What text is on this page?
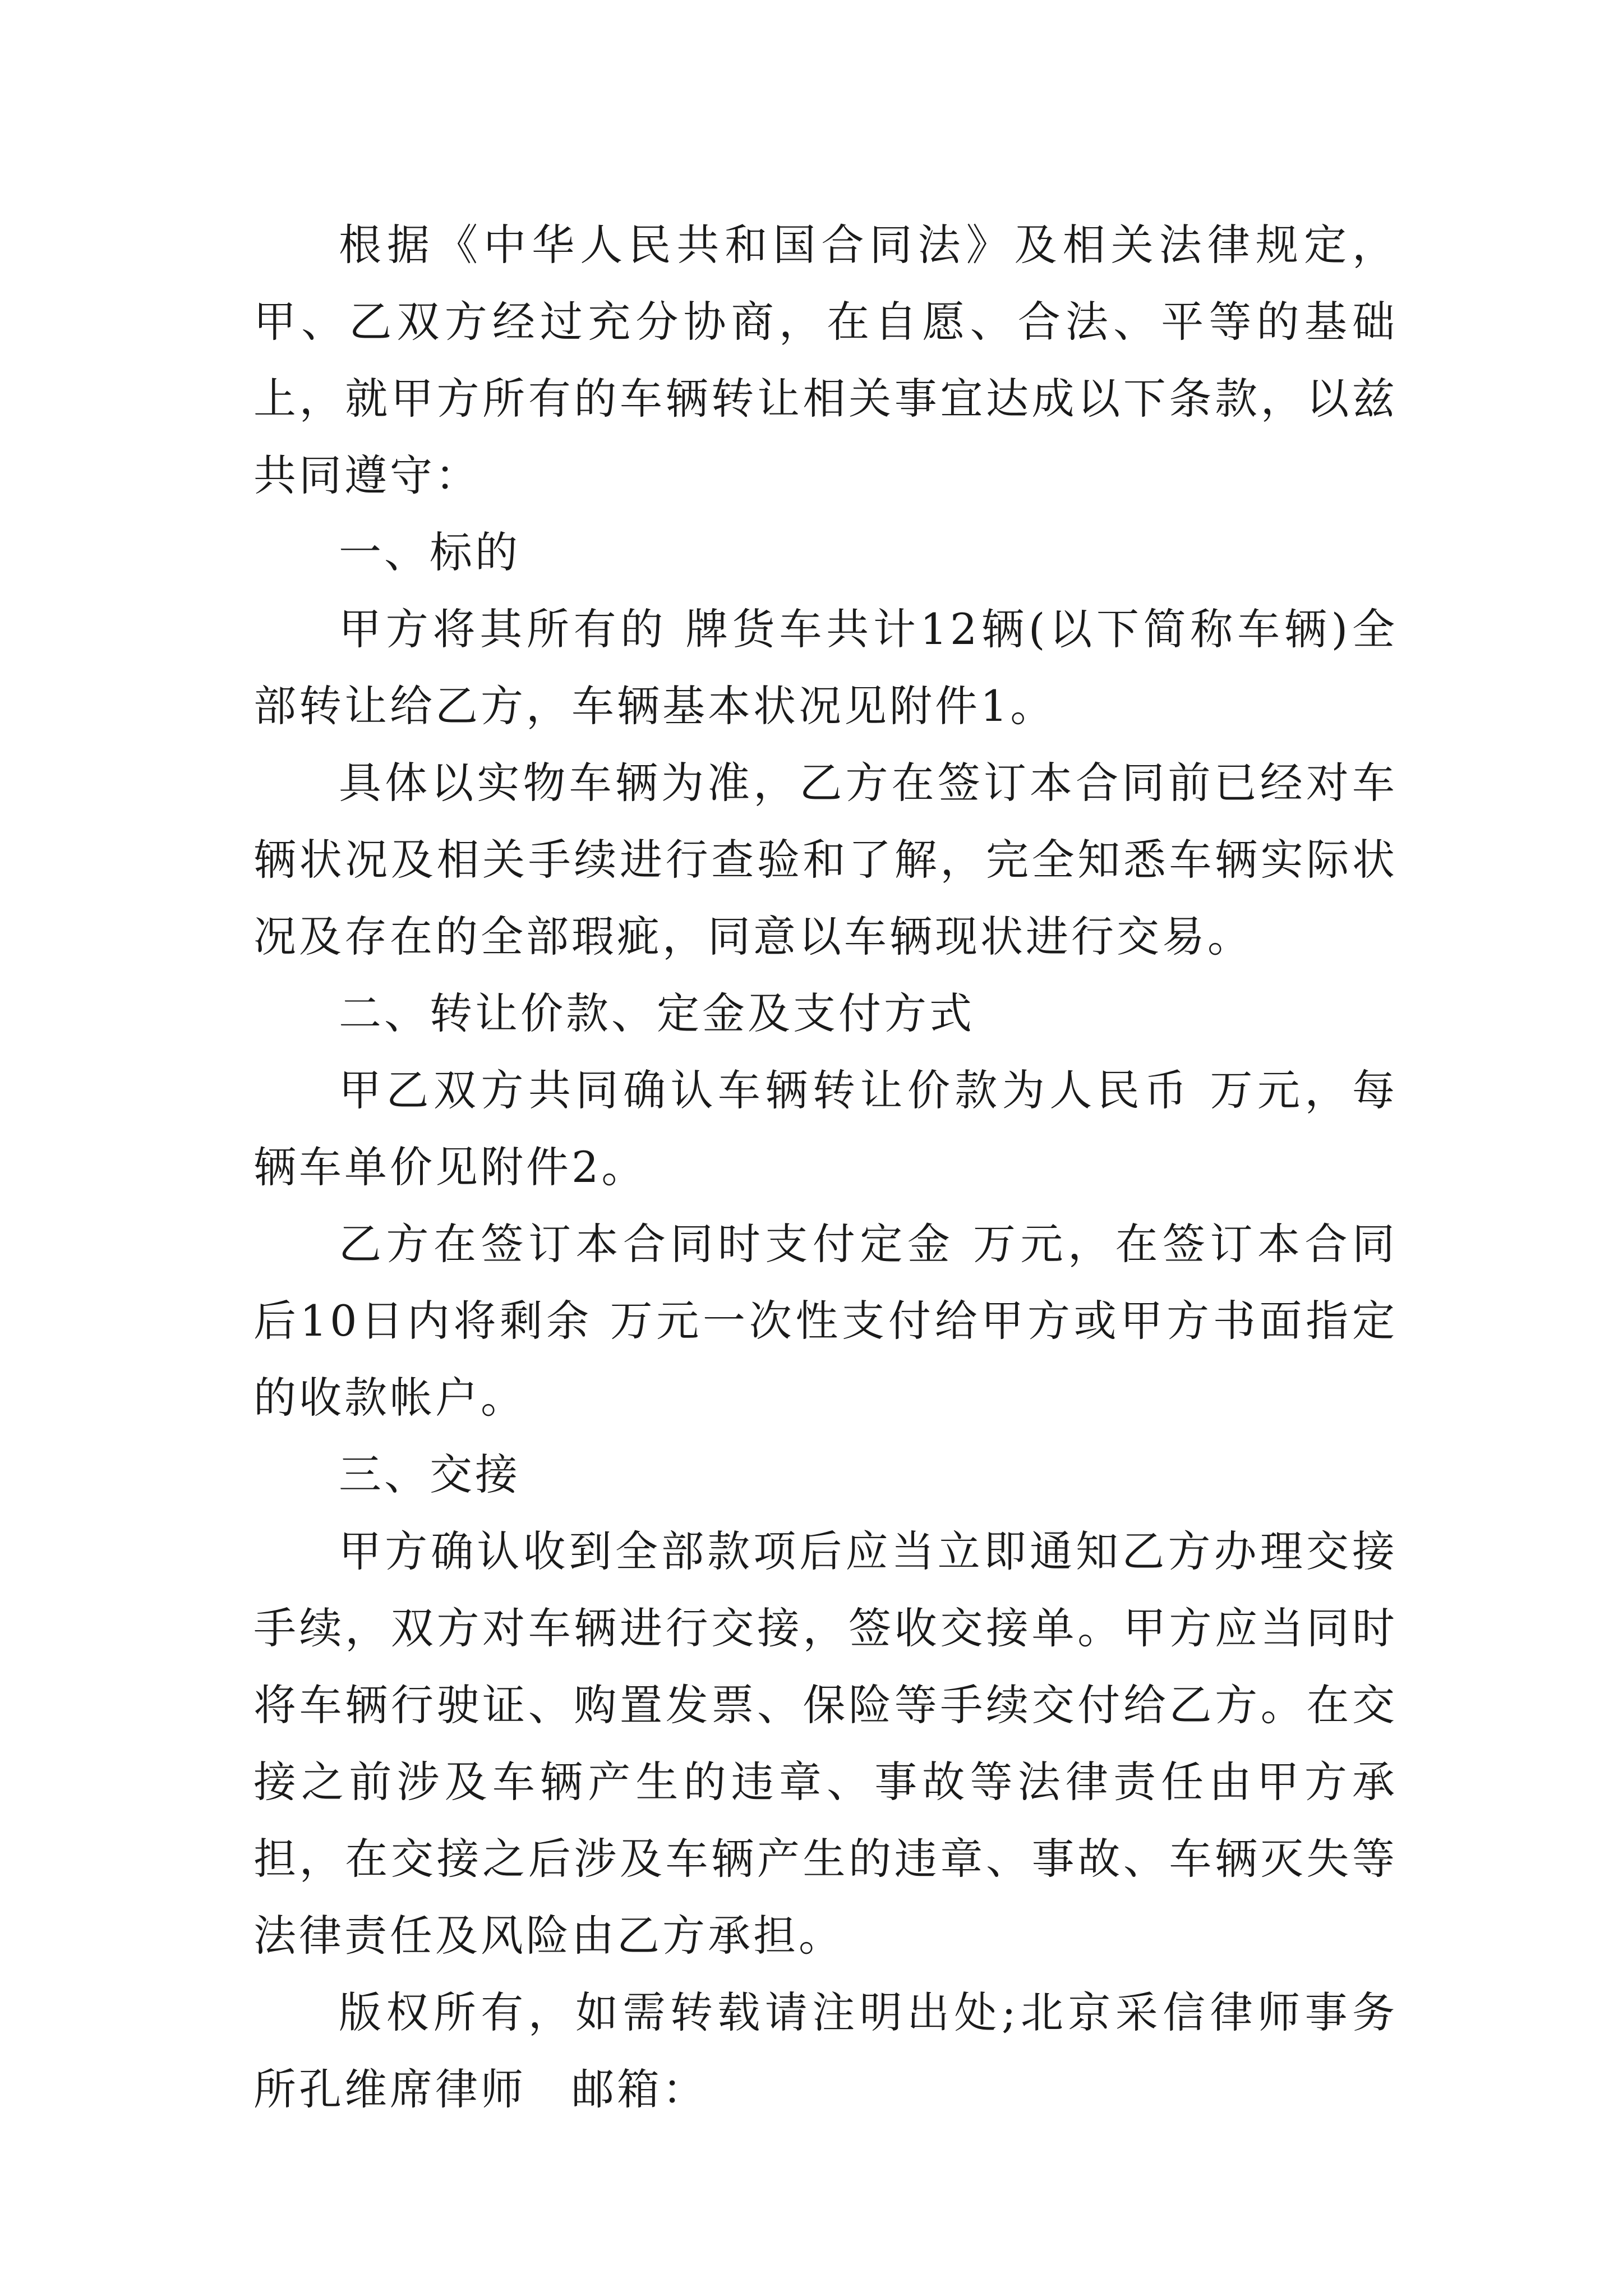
根据《中华人民共和国合同法》及相关法律规定，甲、乙双方经过充分协商，在自愿、合法、平等的基础上，就甲方所有的车辆转让相关事宜达成以下条款，以兹共同遵守：

一、标的

甲方将其所有的 牌货车共计12辆(以下简称车辆)全部转让给乙方，车辆基本状况见附件1。

具体以实物车辆为准，乙方在签订本合同前已经对车辆状况及相关手续进行查验和了解，完全知悉车辆实际状况及存在的全部瑕疵，同意以车辆现状进行交易。

二、转让价款、定金及支付方式

甲乙双方共同确认车辆转让价款为人民币 万元，每辆车单价见附件2。

乙方在签订本合同时支付定金 万元，在签订本合同后10日内将剩余 万元一次性支付给甲方或甲方书面指定的收款帐户。

三、交接

甲方确认收到全部款项后应当立即通知乙方办理交接手续，双方对车辆进行交接，签收交接单。甲方应当同时将车辆行驶证、购置发票、保险等手续交付给乙方。在交接之前涉及车辆产生的违章、事故等法律责任由甲方承担，在交接之后涉及车辆产生的违章、事故、车辆灭失等法律责任及风险由乙方承担。

版权所有，如需转载请注明出处;北京采信律师事务所孔维席律师　邮箱：
